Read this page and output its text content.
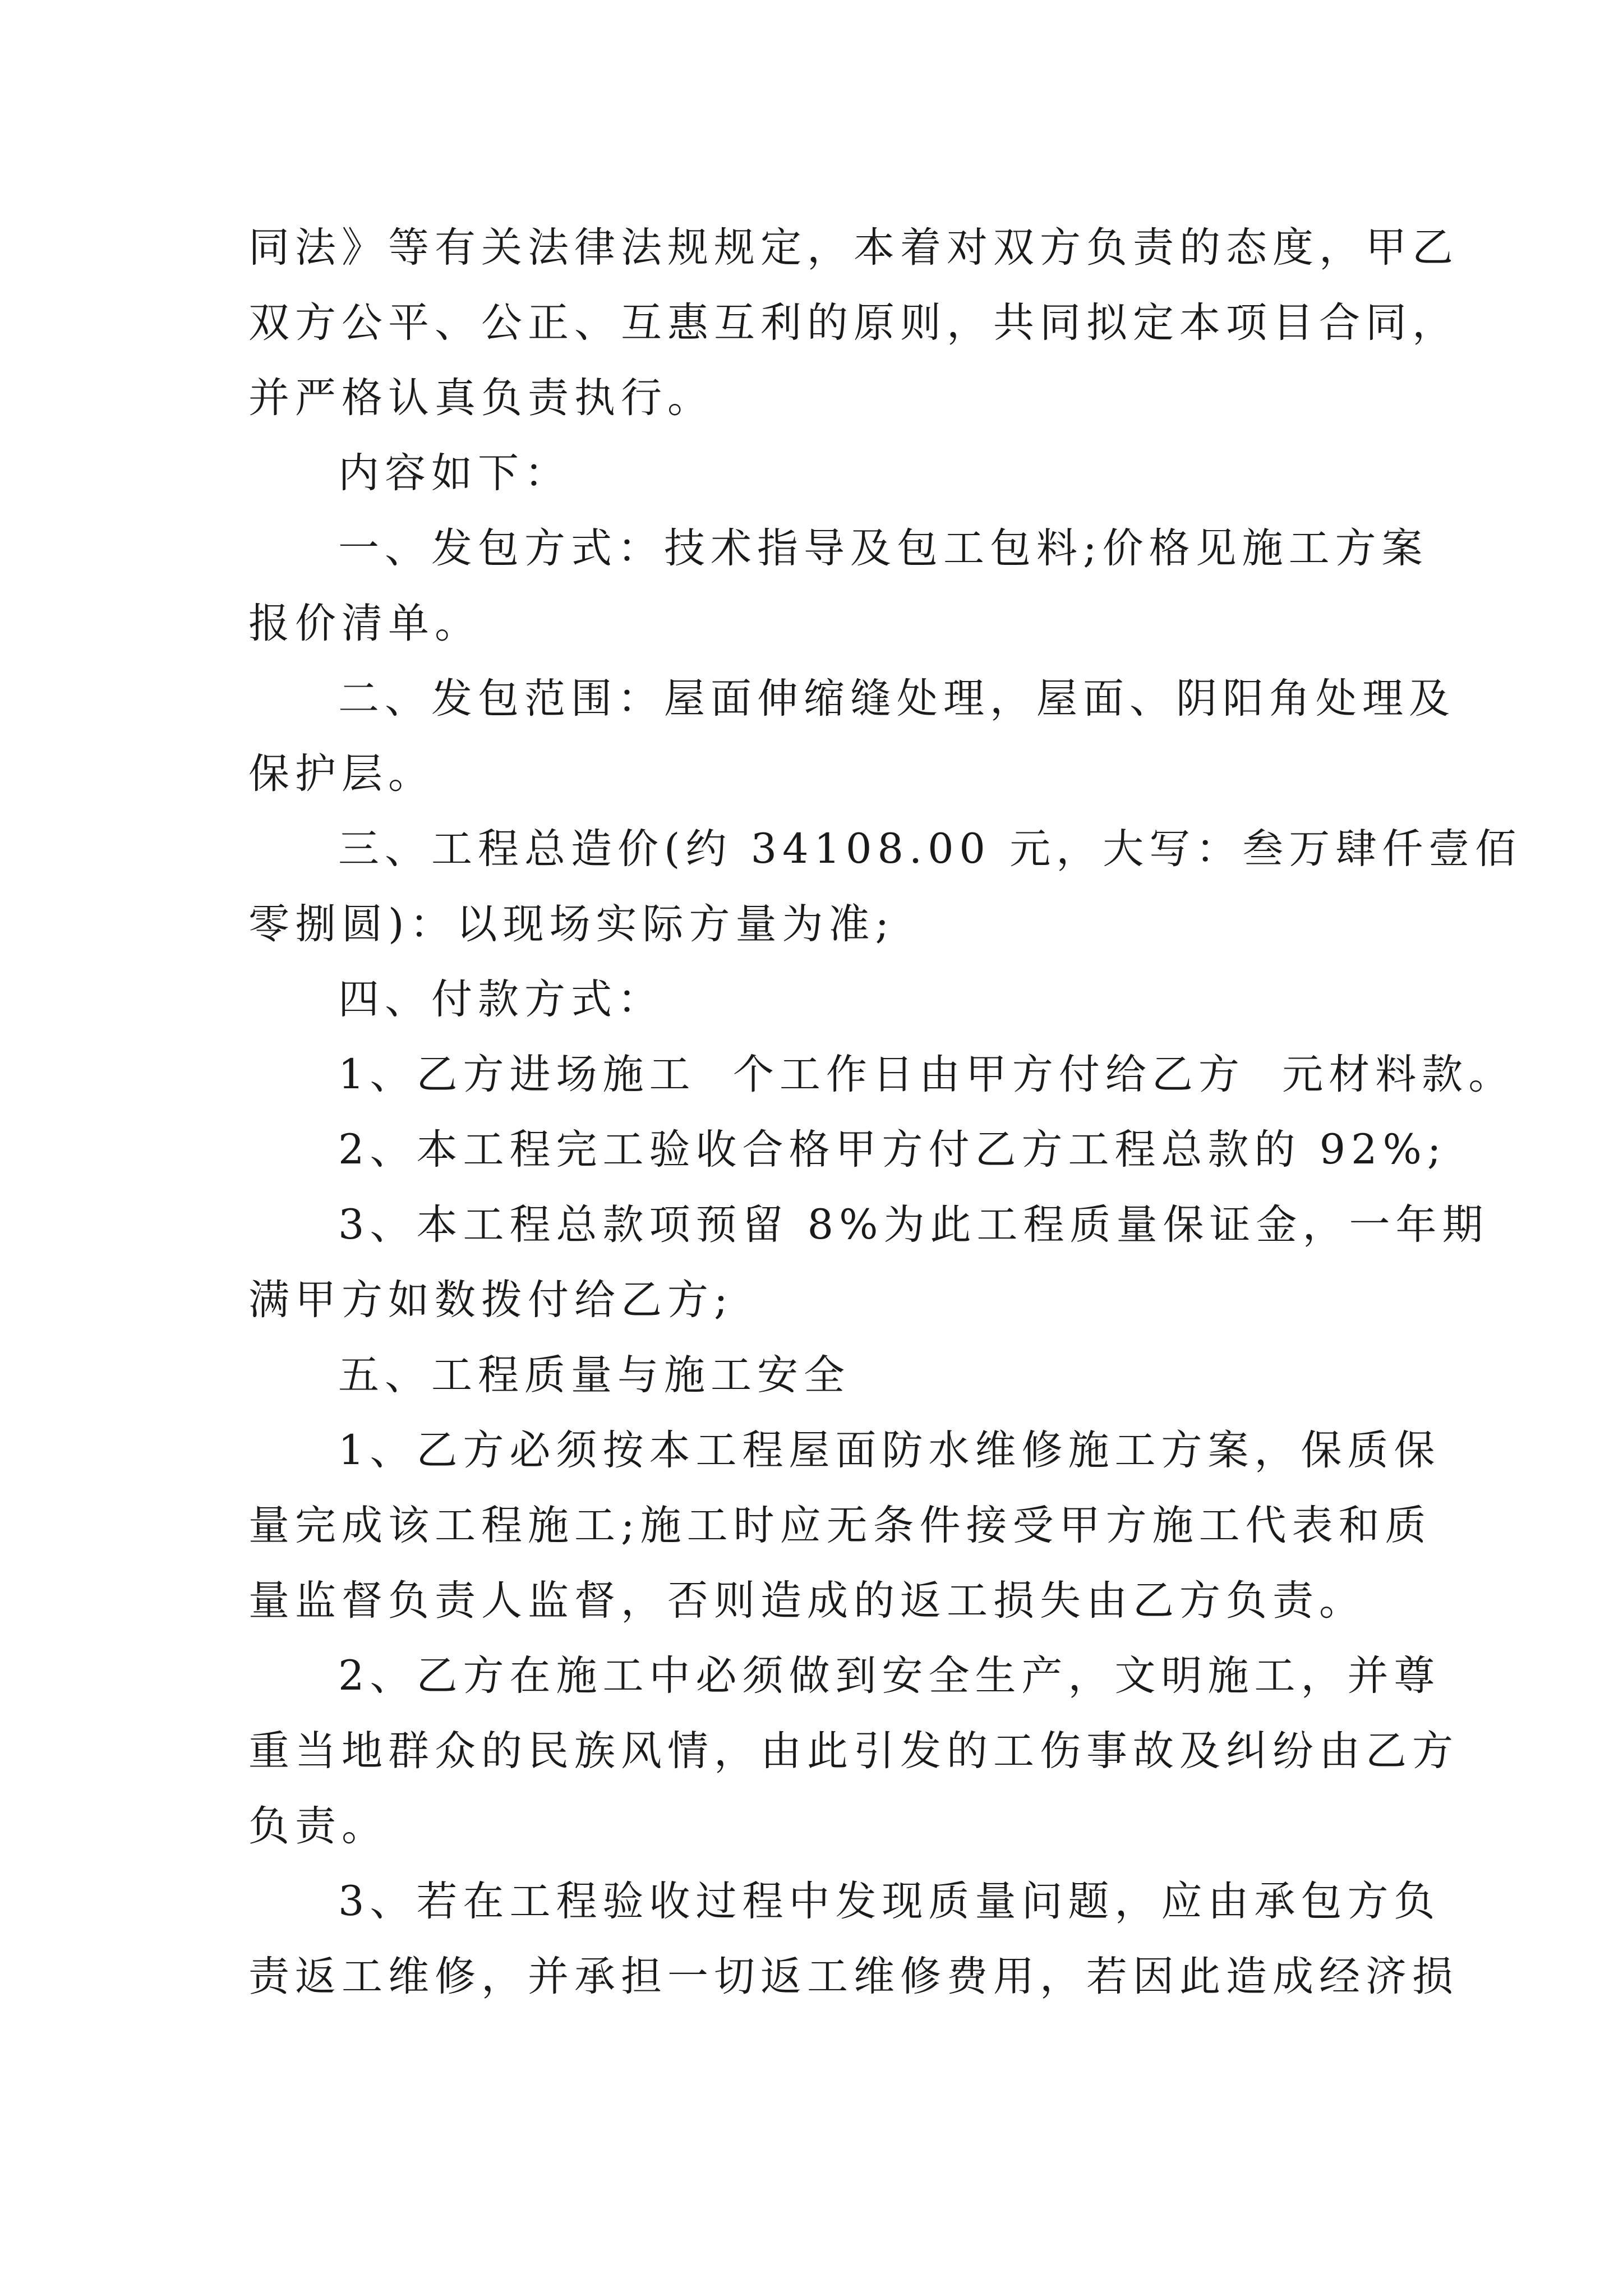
同法》等有关法律法规规定，本着对双方负责的态度，甲乙
双方公平、公正、互惠互利的原则，共同拟定本项目合同，
并严格认真负责执行。

内容如下：

一、发包方式：技术指导及包工包料;价格见施工方案
报价清单。

二、发包范围：屋面伸缩缝处理，屋面、阴阳角处理及
保护层。

三、工程总造价(约 34108.00 元，大写：叁万肆仟壹佰
零捌圆)：以现场实际方量为准;

四、付款方式：

1、乙方进场施工  个工作日由甲方付给乙方  元材料款。

2、本工程完工验收合格甲方付乙方工程总款的 92%;

3、本工程总款项预留 8%为此工程质量保证金，一年期
满甲方如数拨付给乙方;

五、工程质量与施工安全

1、乙方必须按本工程屋面防水维修施工方案，保质保
量完成该工程施工;施工时应无条件接受甲方施工代表和质
量监督负责人监督，否则造成的返工损失由乙方负责。

2、乙方在施工中必须做到安全生产，文明施工，并尊
重当地群众的民族风情，由此引发的工伤事故及纠纷由乙方
负责。

3、若在工程验收过程中发现质量问题，应由承包方负
责返工维修，并承担一切返工维修费用，若因此造成经济损
